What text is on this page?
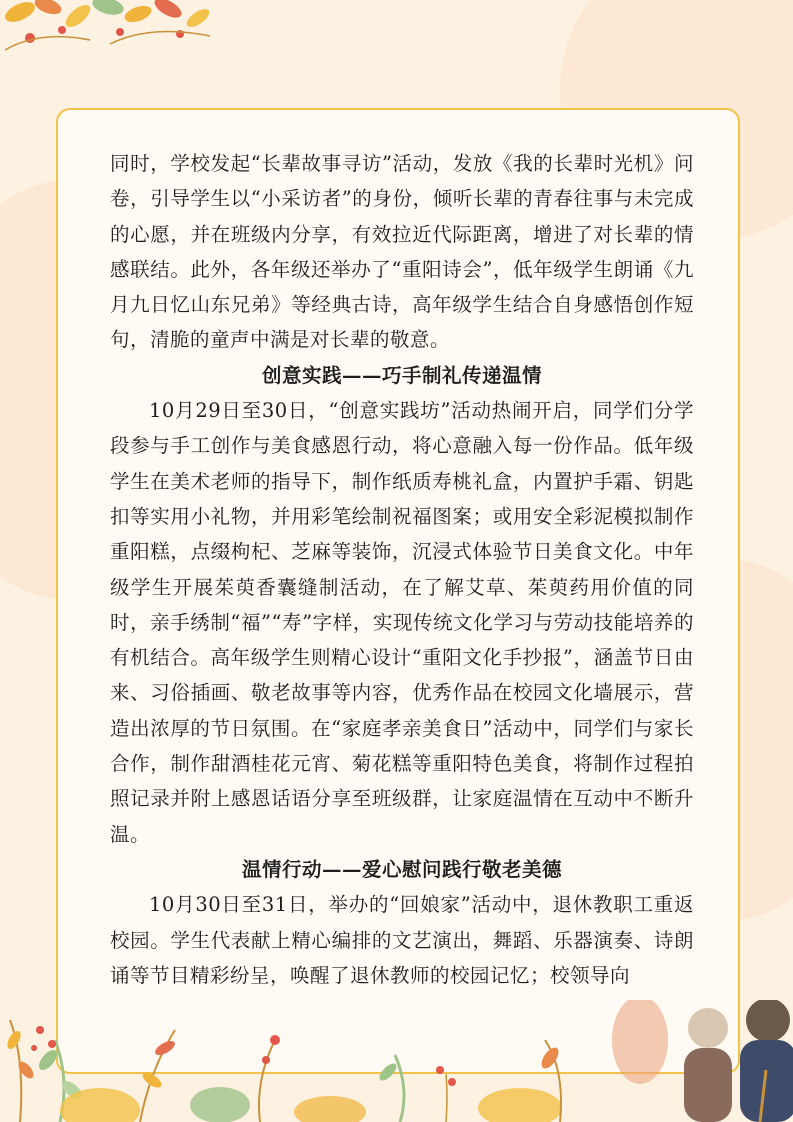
同时，学校发起“长辈故事寻访”活动，发放《我的长辈时光机》问卷，引导学生以“小采访者”的身份，倾听长辈的青春往事与未完成的心愿，并在班级内分享，有效拉近代际距离，增进了对长辈的情感联结。此外，各年级还举办了“重阳诗会”，低年级学生朗诵《九月九日忆山东兄弟》等经典古诗，高年级学生结合自身感悟创作短句，清脆的童声中满是对长辈的敬意。

创意实践——巧手制礼传递温情

10月29日至30日，“创意实践坊”活动热闹开启，同学们分学段参与手工创作与美食感恩行动，将心意融入每一份作品。低年级学生在美术老师的指导下，制作纸质寿桃礼盒，内置护手霜、钥匙扣等实用小礼物，并用彩笔绘制祝福图案；或用安全彩泥模拟制作重阳糕，点缀枸杞、芝麻等装饰，沉浸式体验节日美食文化。中年级学生开展茱萸香囊缝制活动，在了解艾草、茱萸药用价值的同时，亲手绣制“福”“寿”字样，实现传统文化学习与劳动技能培养的有机结合。高年级学生则精心设计“重阳文化手抄报”，涵盖节日由来、习俗插画、敬老故事等内容，优秀作品在校园文化墙展示，营造出浓厚的节日氛围。在“家庭孝亲美食日”活动中，同学们与家长合作，制作甜酒桂花元宵、菊花糕等重阳特色美食，将制作过程拍照记录并附上感恩话语分享至班级群，让家庭温情在互动中不断升温。

温情行动——爱心慰问践行敬老美德

10月30日至31日，举办的“回娘家”活动中，退休教职工重返校园。学生代表献上精心编排的文艺演出，舞蹈、乐器演奏、诗朗诵等节目精彩纷呈，唤醒了退休教师的校园记忆；校领导向
